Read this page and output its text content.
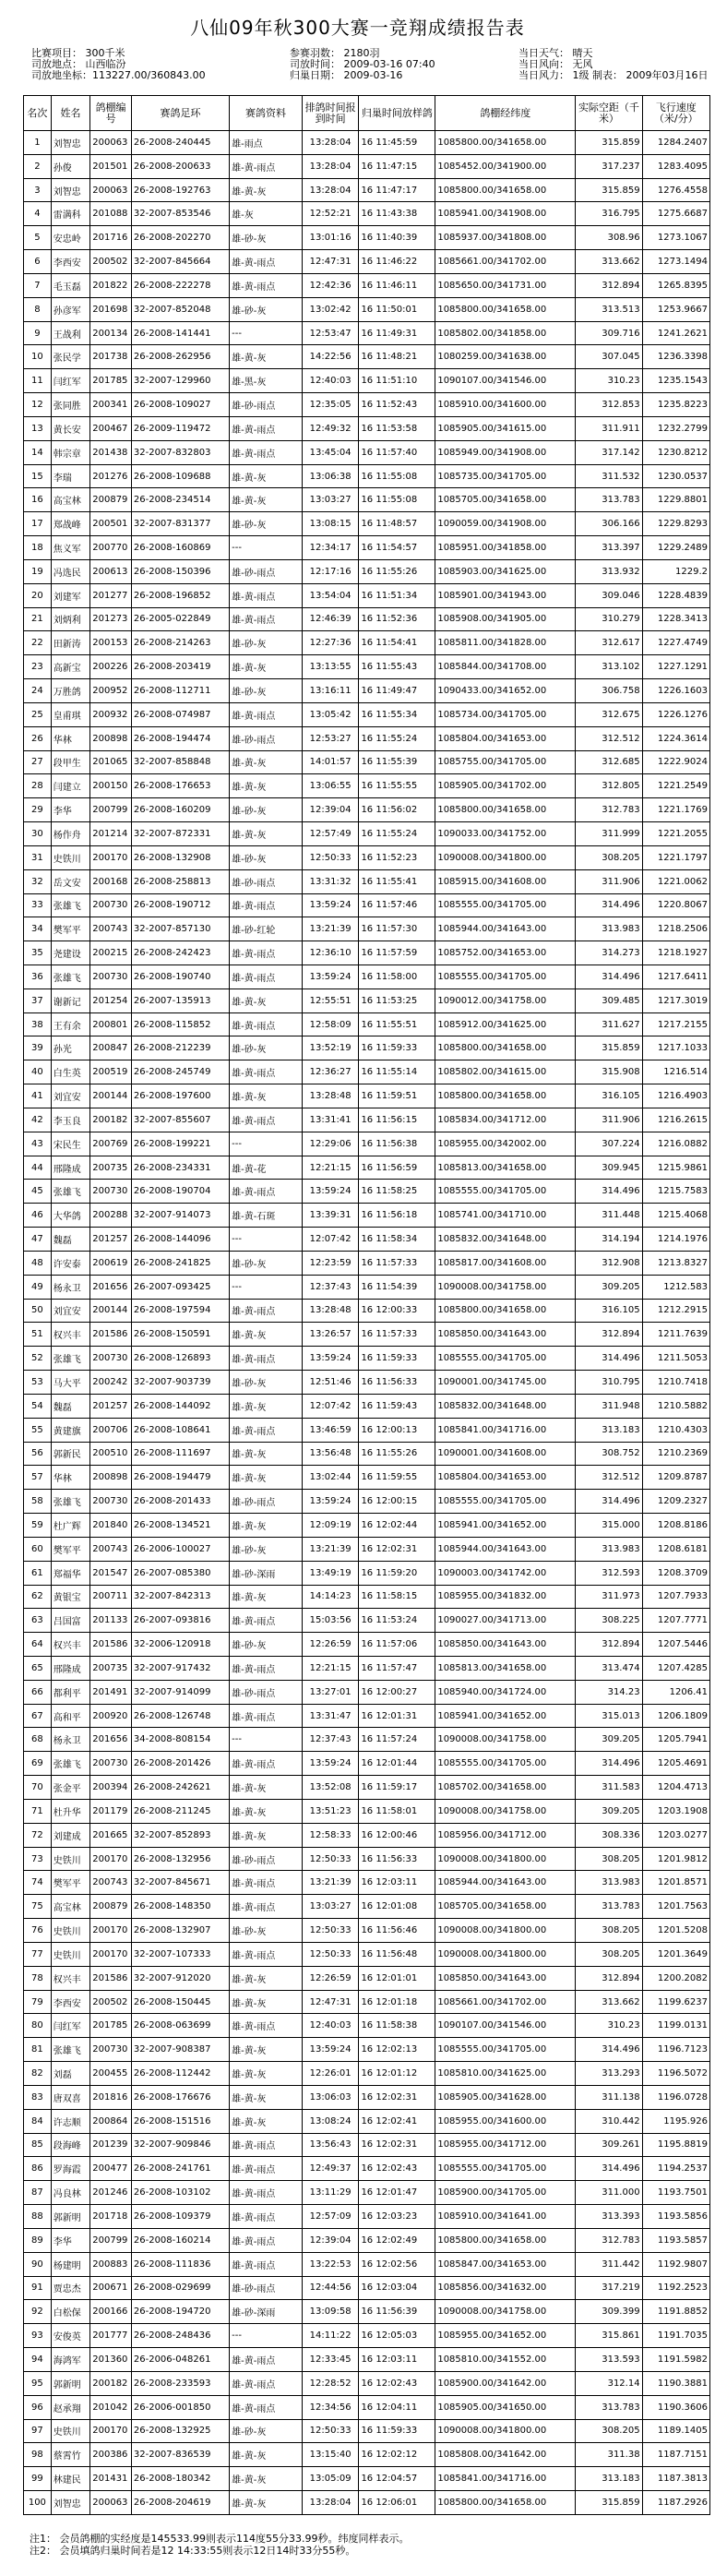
八仙09年秋300大赛一竞翔成绩报告表
比赛项目： 300千米
司放地点： 山西临汾
司放地坐标：113227.00/360843.00
参赛羽数： 2180羽
司放时间： 2009-03-16 07:40
归巢日期： 2009-03-16
当日天气： 晴天
当日风向： 无风
当日风力： 1级 制表： 2009年03月16日
名次	姓名	鸽棚编号	赛鸽足环	赛鸽资料	排鸽时间报到时间	归巢时间放样鸽	鸽棚经纬度	实际空距（千米）	飞行速度（米/分）
1	刘智忠	200063	26-2008-240445	雄-雨点	13:28:04	16 11:45:59	1085800.00/341658.00	315.859	1284.2407
2	孙俊	201501	26-2008-200633	雄-黄-雨点	13:28:04	16 11:47:15	1085452.00/341900.00	317.237	1283.4095
3	刘智忠	200063	26-2008-192763	雄-黄-灰	13:28:04	16 11:47:17	1085800.00/341658.00	315.859	1276.4558
4	雷满科	201088	32-2007-853546	雄-灰	12:52:21	16 11:43:38	1085941.00/341908.00	316.795	1275.6687
5	安忠岭	201716	26-2008-202270	雄-砂-灰	13:01:16	16 11:40:39	1085937.00/341808.00	308.96	1273.1067
6	李西安	200502	32-2007-845664	雄-黄-雨点	12:47:31	16 11:46:22	1085661.00/341702.00	313.662	1273.1494
7	毛玉磊	201822	26-2008-222278	雄-黄-雨点	12:42:36	16 11:46:11	1085650.00/341731.00	312.894	1265.8395
8	孙彦军	201698	32-2007-852048	雄-砂-灰	13:02:42	16 11:50:01	1085800.00/341658.00	313.513	1253.9667
9	王战利	200134	26-2008-141441	---	12:53:47	16 11:49:31	1085802.00/341858.00	309.716	1241.2621
10	张民学	201738	26-2008-262956	雄-黄-灰	14:22:56	16 11:48:21	1080259.00/341638.00	307.045	1236.3398
11	闫红军	201785	32-2007-129960	雄-黑-灰	12:40:03	16 11:51:10	1090107.00/341546.00	310.23	1235.1543
12	张同胜	200341	26-2008-109027	雄-砂-雨点	12:35:05	16 11:52:43	1085910.00/341600.00	312.853	1235.8223
13	黄长安	200467	26-2009-119472	雄-黄-雨点	12:49:32	16 11:53:58	1085905.00/341615.00	311.911	1232.2799
14	韩宗章	201438	32-2007-832803	雄-黄-雨点	13:45:04	16 11:57:40	1085949.00/341908.00	317.142	1230.8212
15	李瑞	201276	26-2008-109688	雄-黄-灰	13:06:38	16 11:55:08	1085735.00/341705.00	311.532	1230.0537
16	高宝林	200879	26-2008-234514	雄-黄-灰	13:03:27	16 11:55:08	1085705.00/341658.00	313.783	1229.8801
17	郑战峰	200501	32-2007-831377	雄-砂-灰	13:08:15	16 11:48:57	1090059.00/341908.00	306.166	1229.8293
18	焦义军	200770	26-2008-160869	---	12:34:17	16 11:54:57	1085951.00/341858.00	313.397	1229.2489
19	冯选民	200613	26-2008-150396	雄-砂-雨点	12:17:16	16 11:55:26	1085903.00/341625.00	313.932	1229.2
20	刘建军	201277	26-2008-196852	雄-黄-雨点	13:54:04	16 11:51:34	1085901.00/341943.00	309.046	1228.4839
21	刘炳利	201273	26-2005-022849	雄-黄-雨点	12:46:39	16 11:52:36	1085908.00/341905.00	310.279	1228.3413
22	田新涛	200153	26-2008-214263	雄-砂-灰	12:27:36	16 11:54:41	1085811.00/341828.00	312.617	1227.4749
23	高新宝	200226	26-2008-203419	雄-黄-灰	13:13:55	16 11:55:43	1085844.00/341708.00	313.102	1227.1291
24	万胜鸽	200952	26-2008-112711	雄-砂-灰	13:16:11	16 11:49:47	1090433.00/341652.00	306.758	1226.1603
25	皇甫琪	200932	26-2008-074987	雄-黄-雨点	13:05:42	16 11:55:34	1085734.00/341705.00	312.675	1226.1276
26	华林	200898	26-2008-194474	雄-砂-雨点	12:53:27	16 11:55:24	1085804.00/341653.00	312.512	1224.3614
27	段甲生	201065	32-2007-858848	雄-黄-灰	14:01:57	16 11:55:39	1085755.00/341705.00	312.685	1222.9024
28	闫建立	200150	26-2008-176653	雄-黄-灰	13:06:55	16 11:55:55	1085905.00/341702.00	312.805	1221.2549
29	李华	200799	26-2008-160209	雄-砂-灰	12:39:04	16 11:56:02	1085800.00/341658.00	312.783	1221.1769
30	杨作舟	201214	32-2007-872331	雄-黄-灰	12:57:49	16 11:55:24	1090033.00/341752.00	311.999	1221.2055
31	史铁川	200170	26-2008-132908	雄-砂-灰	12:50:33	16 11:52:23	1090008.00/341800.00	308.205	1221.1797
32	岳文安	200168	26-2008-258813	雄-砂-雨点	13:31:32	16 11:55:41	1085915.00/341608.00	311.906	1221.0062
33	张雄飞	200730	26-2008-190712	雄-黄-雨点	13:59:24	16 11:57:46	1085555.00/341705.00	314.496	1220.8067
34	樊军平	200743	32-2007-857130	雄-砂-红轮	13:21:39	16 11:57:30	1085944.00/341643.00	313.983	1218.2506
35	尧建设	200215	26-2008-242423	雄-黄-雨点	12:36:10	16 11:57:59	1085752.00/341653.00	314.273	1218.1927
36	张雄飞	200730	26-2008-190740	雄-黄-雨点	13:59:24	16 11:58:00	1085555.00/341705.00	314.496	1217.6411
37	谢新记	201254	26-2007-135913	雄-黄-灰	12:55:51	16 11:53:25	1090012.00/341758.00	309.485	1217.3019
38	王有余	200801	26-2008-115852	雄-黄-雨点	12:58:09	16 11:55:51	1085912.00/341625.00	311.627	1217.2155
39	孙光	200847	26-2008-212239	雄-砂-灰	13:52:19	16 11:59:33	1085800.00/341658.00	315.859	1217.1033
40	白生英	200519	26-2008-245749	雄-黄-雨点	12:36:27	16 11:55:14	1085802.00/341615.00	315.908	1216.514
41	刘宜安	200144	26-2008-197600	雄-黄-灰	13:28:48	16 11:59:51	1085800.00/341658.00	316.105	1216.4903
42	李玉良	200182	32-2007-855607	雄-黄-雨点	13:31:41	16 11:56:15	1085834.00/341712.00	311.906	1216.2615
43	宋民生	200769	26-2008-199221	---	12:29:06	16 11:56:38	1085955.00/342002.00	307.224	1216.0882
44	邢隆成	200735	26-2008-234331	雄-黄-花	12:21:15	16 11:56:59	1085813.00/341658.00	309.945	1215.9861
45	张雄飞	200730	26-2008-190704	雄-黄-雨点	13:59:24	16 11:58:25	1085555.00/341705.00	314.496	1215.7583
46	大华鸽	200288	32-2007-914073	雄-黄-石斑	13:39:31	16 11:56:18	1085741.00/341710.00	311.448	1215.4068
47	魏磊	201257	26-2008-144096	---	12:07:42	16 11:58:34	1085832.00/341648.00	314.194	1214.1976
48	许安泰	200619	26-2008-241825	雄-砂-灰	12:23:59	16 11:57:33	1085817.00/341608.00	312.908	1213.8327
49	杨永卫	201656	26-2007-093425	---	12:37:43	16 11:54:39	1090008.00/341758.00	309.205	1212.583
50	刘宜安	200144	26-2008-197594	雄-黄-雨点	13:28:48	16 12:00:33	1085800.00/341658.00	316.105	1212.2915
51	权兴丰	201586	26-2008-150591	雄-黄-灰	13:26:57	16 11:57:33	1085850.00/341643.00	312.894	1211.7639
52	张雄飞	200730	26-2008-126893	雄-黄-雨点	13:59:24	16 11:59:33	1085555.00/341705.00	314.496	1211.5053
53	马大平	200242	32-2007-903739	雄-砂-灰	12:51:46	16 11:56:33	1090001.00/341745.00	310.795	1210.7418
54	魏磊	201257	26-2008-144092	雄-黄-灰	12:07:42	16 11:59:43	1085832.00/341648.00	311.948	1210.5882
55	黄建旗	200706	26-2008-108641	雄-黄-雨点	13:46:59	16 12:00:13	1085841.00/341716.00	313.183	1210.4303
56	郭新民	200510	26-2008-111697	雄-黄-灰	13:56:48	16 11:55:26	1090001.00/341608.00	308.752	1210.2369
57	华林	200898	26-2008-194479	雄-黄-灰	13:02:44	16 11:59:55	1085804.00/341653.00	312.512	1209.8787
58	张雄飞	200730	26-2008-201433	雄-砂-雨点	13:59:24	16 12:00:15	1085555.00/341705.00	314.496	1209.2327
59	杜广辉	201840	26-2008-134521	雄-黄-灰	12:09:19	16 12:02:44	1085941.00/341652.00	315.000	1208.8186
60	樊军平	200743	26-2006-100027	雄-砂-灰	13:21:39	16 12:02:31	1085944.00/341643.00	313.983	1208.6181
61	郑福华	201547	26-2007-085380	雄-砂-深雨	13:49:19	16 11:59:20	1090003.00/341742.00	312.593	1208.3709
62	黄银宝	200711	32-2007-842313	雄-黄-灰	14:14:23	16 11:58:15	1085955.00/341832.00	311.973	1207.7933
63	吕国富	201133	26-2007-093816	雄-黄-雨点	15:03:56	16 11:53:24	1090027.00/341713.00	308.225	1207.7771
64	权兴丰	201586	32-2006-120918	雄-砂-灰	12:26:59	16 11:57:06	1085850.00/341643.00	312.894	1207.5446
65	邢隆成	200735	32-2007-917432	雄-黄-雨点	12:21:15	16 11:57:47	1085813.00/341658.00	313.474	1207.4285
66	都利平	201491	32-2007-914099	雄-砂-雨点	13:27:01	16 12:00:27	1085940.00/341724.00	314.23	1206.41
67	高和平	200920	26-2008-126748	雄-黄-雨点	13:31:47	16 12:01:31	1085941.00/341652.00	315.013	1206.1809
68	杨永卫	201656	34-2008-808154	---	12:37:43	16 11:57:24	1090008.00/341758.00	309.205	1205.7941
69	张雄飞	200730	26-2008-201426	雄-黄-雨点	13:59:24	16 12:01:44	1085555.00/341705.00	314.496	1205.4691
70	张金平	200394	26-2008-242621	雄-黄-灰	13:52:08	16 11:59:17	1085702.00/341658.00	311.583	1204.4713
71	杜升华	201179	26-2008-211245	雄-黄-灰	13:51:23	16 11:58:01	1090008.00/341758.00	309.205	1203.1908
72	刘建成	201665	32-2007-852893	雄-黄-灰	12:58:33	16 12:00:46	1085956.00/341712.00	308.336	1203.0277
73	史铁川	200170	26-2008-132956	雄-砂-雨点	12:50:33	16 11:56:33	1090008.00/341800.00	308.205	1201.9812
74	樊军平	200743	32-2007-845671	雄-黄-雨点	13:21:39	16 12:03:11	1085944.00/341643.00	313.983	1201.8571
75	高宝林	200879	26-2008-148350	雄-黄-雨点	13:03:27	16 12:01:08	1085705.00/341658.00	313.783	1201.7563
76	史铁川	200170	26-2008-132907	雄-砂-灰	12:50:33	16 11:56:46	1090008.00/341800.00	308.205	1201.5208
77	史铁川	200170	32-2007-107333	雄-黄-雨点	12:50:33	16 11:56:48	1090008.00/341800.00	308.205	1201.3649
78	权兴丰	201586	32-2007-912020	雄-黄-灰	12:26:59	16 12:01:01	1085850.00/341643.00	312.894	1200.2082
79	李西安	200502	26-2008-150445	雄-黄-灰	12:47:31	16 12:01:18	1085661.00/341702.00	313.662	1199.6237
80	闫红军	201785	26-2008-063699	雄-黄-雨点	12:40:03	16 11:58:38	1090107.00/341546.00	310.23	1199.0131
81	张雄飞	200730	32-2007-908387	雄-黄-灰	13:59:24	16 12:02:13	1085555.00/341705.00	314.496	1196.7123
82	刘磊	200455	26-2008-112442	雄-黄-灰	12:26:01	16 12:01:12	1085810.00/341625.00	313.293	1196.5072
83	唐双喜	201816	26-2008-176676	雄-黄-灰	13:06:03	16 12:02:31	1085905.00/341628.00	311.138	1196.0728
84	许志顺	200864	26-2008-151516	雄-黄-灰	13:08:24	16 12:02:41	1085955.00/341600.00	310.442	1195.926
85	段海峰	201239	32-2007-909846	雄-黄-雨点	13:56:43	16 12:02:31	1085955.00/341712.00	309.261	1195.8819
86	罗海霞	200477	26-2008-241761	雄-黄-雨点	12:49:37	16 12:02:43	1085555.00/341705.00	314.496	1194.2537
87	冯良林	201246	26-2008-103102	雄-黄-雨点	13:11:29	16 12:01:47	1085900.00/341705.00	311.000	1193.7501
88	郭新明	201718	26-2008-109379	雄-黄-雨点	12:57:09	16 12:03:23	1085910.00/341641.00	313.393	1193.5856
89	李华	200799	26-2008-160214	雄-黄-雨点	12:39:04	16 12:02:49	1085800.00/341658.00	312.783	1193.5857
90	杨建明	200883	26-2008-111836	雄-黄-雨点	13:22:53	16 12:02:56	1085847.00/341653.00	311.442	1192.9807
91	贾忠杰	200671	26-2008-029699	雄-砂-雨点	12:44:56	16 12:03:04	1085856.00/341632.00	317.219	1192.2523
92	白松保	200166	26-2008-194720	雄-砂-深雨	13:09:58	16 11:56:39	1090008.00/341758.00	309.399	1191.8852
93	安俊英	201777	26-2008-248436	---	14:11:22	16 12:05:03	1085955.00/341652.00	315.861	1191.7035
94	海鸿军	201360	26-2006-048261	雄-黄-雨点	12:33:45	16 12:03:11	1085810.00/341552.00	313.593	1191.5982
95	郭新明	200182	26-2008-233593	雄-黄-雨点	12:28:52	16 12:02:43	1085900.00/341642.00	312.14	1190.3881
96	赵承翔	201042	26-2006-001850	雄-黄-雨点	12:34:56	16 12:04:11	1085905.00/341650.00	313.783	1190.3606
97	史铁川	200170	26-2008-132925	雄-砂-灰	12:50:33	16 11:59:33	1090008.00/341800.00	308.205	1189.1405
98	蔡霄竹	200386	32-2007-836539	雄-黄-灰	13:15:40	16 12:02:12	1085808.00/341642.00	311.38	1187.7151
99	林建民	201431	26-2008-180342	雄-黄-灰	13:05:09	16 12:04:57	1085841.00/341716.00	313.183	1187.3813
100	刘智忠	200063	26-2008-204619	雄-黄-灰	13:28:04	16 12:06:01	1085800.00/341658.00	315.859	1187.2926
注1： 会员鸽棚的实经度是145533.99则表示114度55分33.99秒。纬度同样表示。
注2： 会员填鸽归巢时间若是12 14:33:55则表示12日14时33分55秒。
